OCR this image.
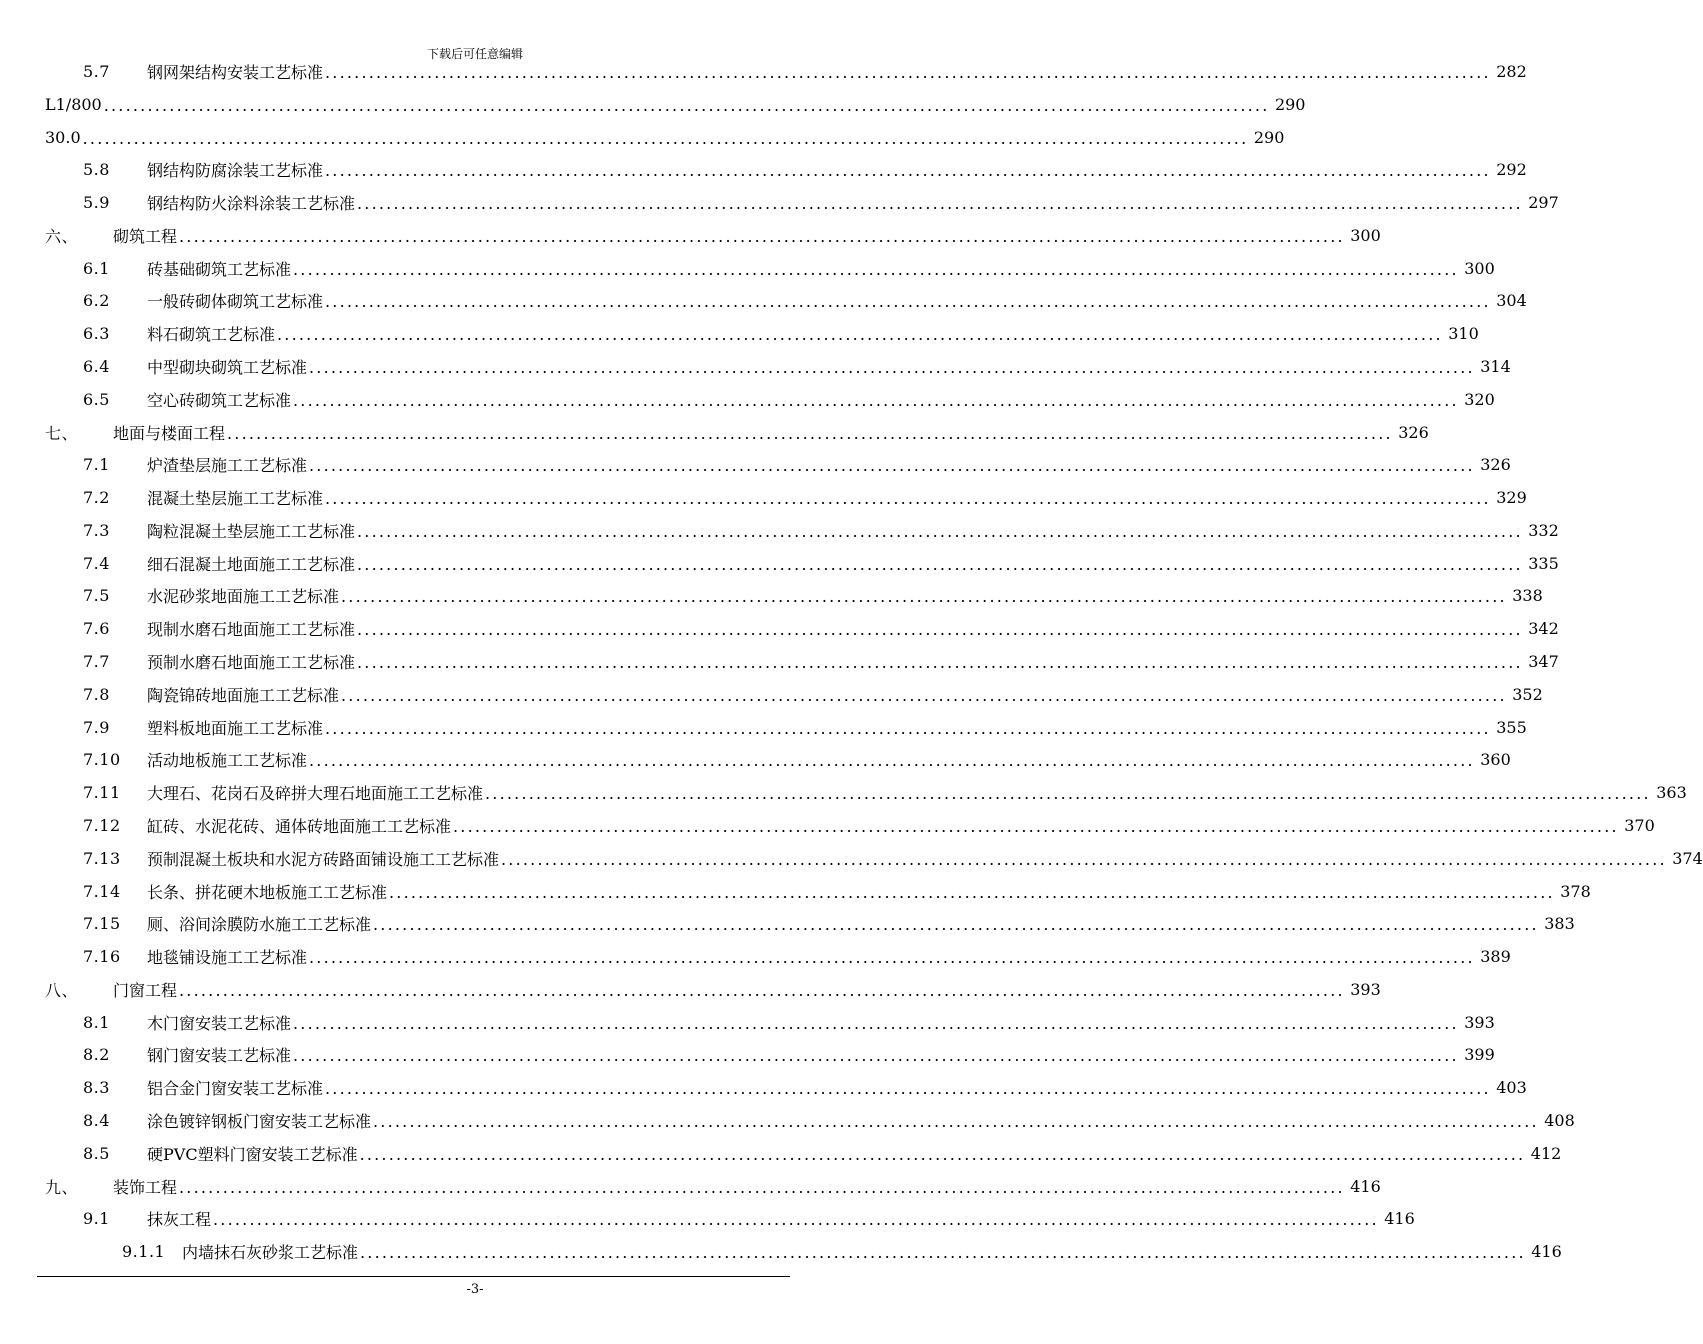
下载后可任意编辑
5.7	钢网架结构安装工艺标准 ................................................................................................................................................................ 282
L1/800 ................................................................................................................................................................ 290
30.0 ................................................................................................................................................................ 290
5.8	钢结构防腐涂装工艺标准 ................................................................................................................................................................ 292
5.9	钢结构防火涂料涂装工艺标准 ................................................................................................................................................................ 297
六、	砌筑工程 ................................................................................................................................................................ 300
6.1	砖基础砌筑工艺标准 ................................................................................................................................................................ 300
6.2	一般砖砌体砌筑工艺标准 ................................................................................................................................................................ 304
6.3	料石砌筑工艺标准 ................................................................................................................................................................ 310
6.4	中型砌块砌筑工艺标准 ................................................................................................................................................................ 314
6.5	空心砖砌筑工艺标准 ................................................................................................................................................................ 320
七、	地面与楼面工程 ................................................................................................................................................................ 326
7.1	炉渣垫层施工工艺标准 ................................................................................................................................................................ 326
7.2	混凝土垫层施工工艺标准 ................................................................................................................................................................ 329
7.3	陶粒混凝土垫层施工工艺标准 ................................................................................................................................................................ 332
7.4	细石混凝土地面施工工艺标准 ................................................................................................................................................................ 335
7.5	水泥砂浆地面施工工艺标准 ................................................................................................................................................................ 338
7.6	现制水磨石地面施工工艺标准 ................................................................................................................................................................ 342
7.7	预制水磨石地面施工工艺标准 ................................................................................................................................................................ 347
7.8	陶瓷锦砖地面施工工艺标准 ................................................................................................................................................................ 352
7.9	塑料板地面施工工艺标准 ................................................................................................................................................................ 355
7.10	活动地板施工工艺标准 ................................................................................................................................................................ 360
7.11	大理石、花岗石及碎拼大理石地面施工工艺标准 ................................................................................................................................................................ 363
7.12	缸砖、水泥花砖、通体砖地面施工工艺标准 ................................................................................................................................................................ 370
7.13	预制混凝土板块和水泥方砖路面铺设施工工艺标准 ................................................................................................................................................................ 374
7.14	长条、拼花硬木地板施工工艺标准 ................................................................................................................................................................ 378
7.15	厕、浴间涂膜防水施工工艺标准 ................................................................................................................................................................ 383
7.16	地毯铺设施工工艺标准 ................................................................................................................................................................ 389
八、	门窗工程 ................................................................................................................................................................ 393
8.1	木门窗安装工艺标准 ................................................................................................................................................................ 393
8.2	钢门窗安装工艺标准 ................................................................................................................................................................ 399
8.3	铝合金门窗安装工艺标准 ................................................................................................................................................................ 403
8.4	涂色镀锌钢板门窗安装工艺标准 ................................................................................................................................................................ 408
8.5	硬PVC塑料门窗安装工艺标准 ................................................................................................................................................................ 412
九、	装饰工程 ................................................................................................................................................................ 416
9.1	抹灰工程 ................................................................................................................................................................ 416
9.1.1	内墙抹石灰砂浆工艺标准 ................................................................................................................................................................ 416
-3-
